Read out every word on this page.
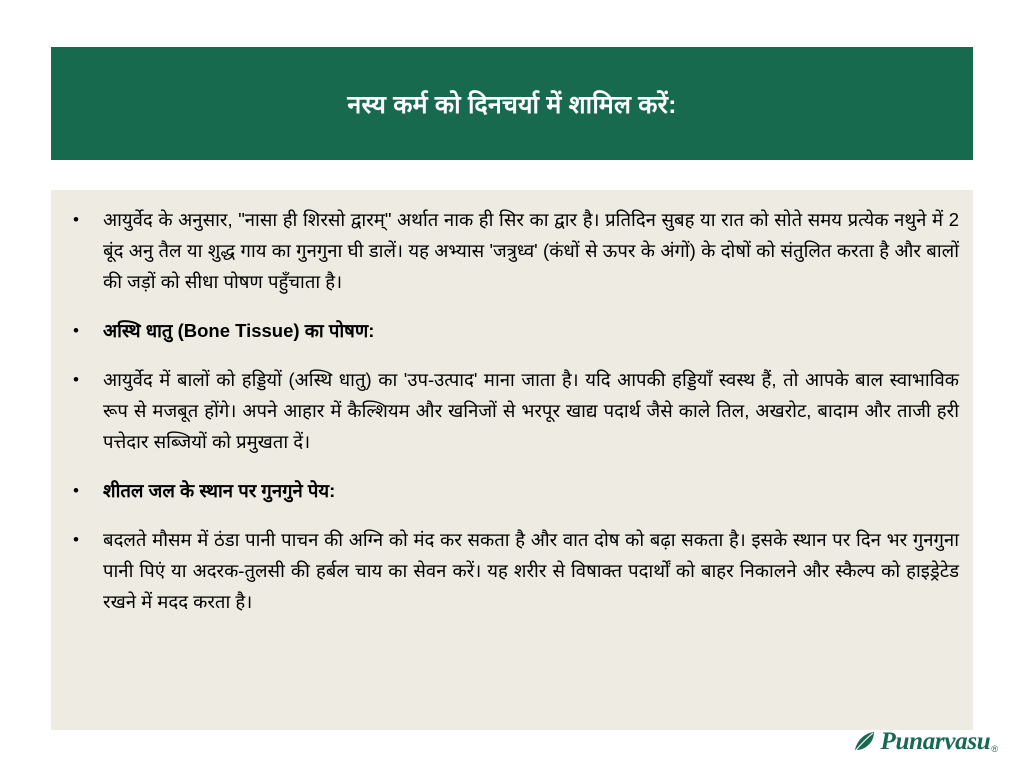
नस्य कर्म को दिनचर्या में शामिल करें:
•	आयुर्वेद के अनुसार, "नासा ही शिरसो द्वारम्" अर्थात नाक ही सिर का द्वार है। प्रतिदिन सुबह या रात को सोते समय प्रत्येक नथुने में 2 बूंद अनु तैल या शुद्ध गाय का गुनगुना घी डालें। यह अभ्यास 'जत्रुध्व' (कंधों से ऊपर के अंगों) के दोषों को संतुलित करता है और बालों की जड़ों को सीधा पोषण पहुँचाता है।
•	अस्थि धातु (Bone Tissue) का पोषण:
•	आयुर्वेद में बालों को हड्डियों (अस्थि धातु) का 'उप-उत्पाद' माना जाता है। यदि आपकी हड्डियाँ स्वस्थ हैं, तो आपके बाल स्वाभाविक रूप से मजबूत होंगे। अपने आहार में कैल्शियम और खनिजों से भरपूर खाद्य पदार्थ जैसे काले तिल, अखरोट, बादाम और ताजी हरी पत्तेदार सब्जियों को प्रमुखता दें।
•	शीतल जल के स्थान पर गुनगुने पेय:
•	बदलते मौसम में ठंडा पानी पाचन की अग्नि को मंद कर सकता है और वात दोष को बढ़ा सकता है। इसके स्थान पर दिन भर गुनगुना पानी पिएं या अदरक-तुलसी की हर्बल चाय का सेवन करें। यह शरीर से विषाक्त पदार्थों को बाहर निकालने और स्कैल्प को हाइड्रेटेड रखने में मदद करता है।
Punarvasu ®
